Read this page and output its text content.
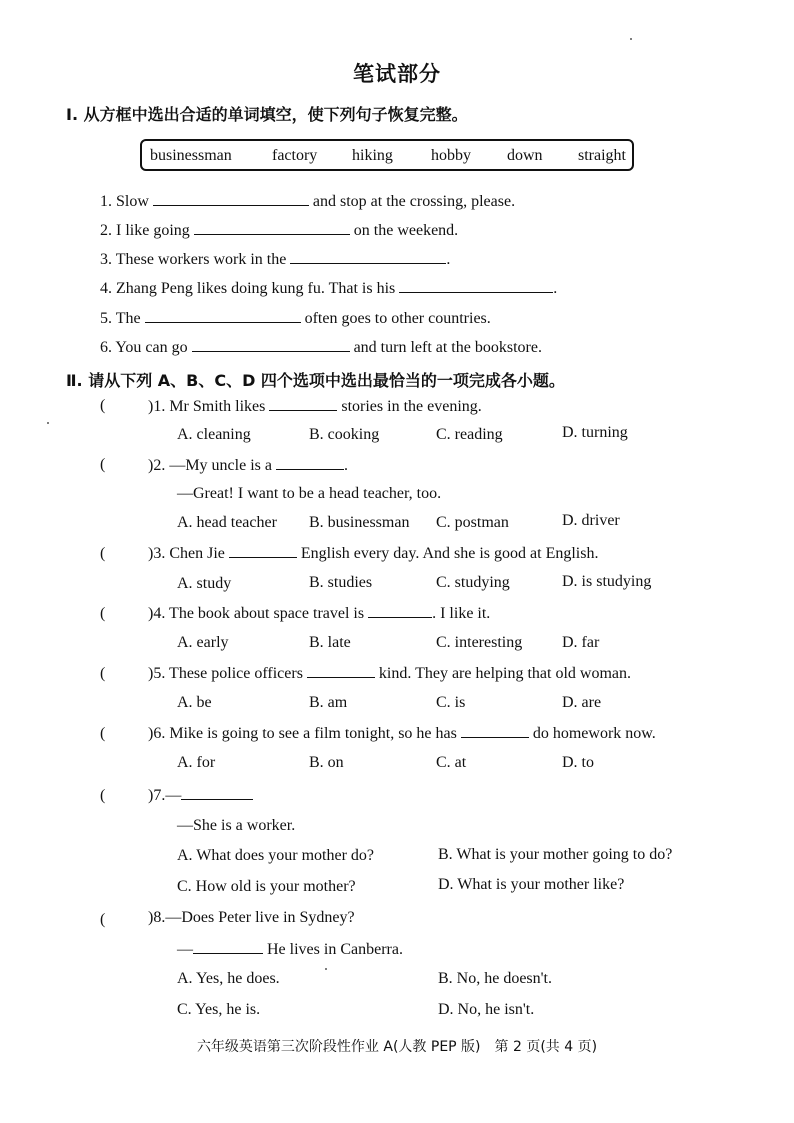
笔试部分
Ⅰ. 从方框中选出合适的单词填空，使下列句子恢复完整。
businessman	factory hiking hobby down straight
1. Slow	and stop at the crossing, please.
2. I like going	on the weekend.
3. These workers work in the	.
4. Zhang Peng likes doing kung fu. That is his	.
5. The	often goes to other countries.
6. You can go	and turn left at the bookstore.
Ⅱ. 请从下列 A、B、C、D 四个选项中选出最恰当的一项完成各小题。
(	)1. Mr Smith likes	stories in the evening.
A. cleaning	B. cooking	C. reading	D. turning
(	)2. —My uncle is a	.
—Great! I want to be a head teacher, too.
A. head teacher B. businessman C. postman	D. driver
(	)3. Chen Jie	English every day. And she is good at English.
A. study	B. studies	C. studying	D. is studying
(	)4. The book about space travel is	. I like it.
A. early	B. late	C. interesting D. far
(	)5. These police officers	kind. They are helping that old woman.
A. be	B. am	C. is	D. are
(	)6. Mike is going to see a film tonight, so he has	do homework now.
A. for	B. on	C. at	D. to
(	)7.—
—She is a worker.
A. What does your mother do?	B. What is your mother going to do?
C. How old is your mother?	D. What is your mother like?
(	)8.—Does Peter live in Sydney?
—	He lives in Canberra.
A. Yes, he does.	B. No, he doesn't.
C. Yes, he is.	D. No, he isn't.
六年级英语第三次阶段性作业 A(人教 PEP 版)　第 2 页(共 4 页)
